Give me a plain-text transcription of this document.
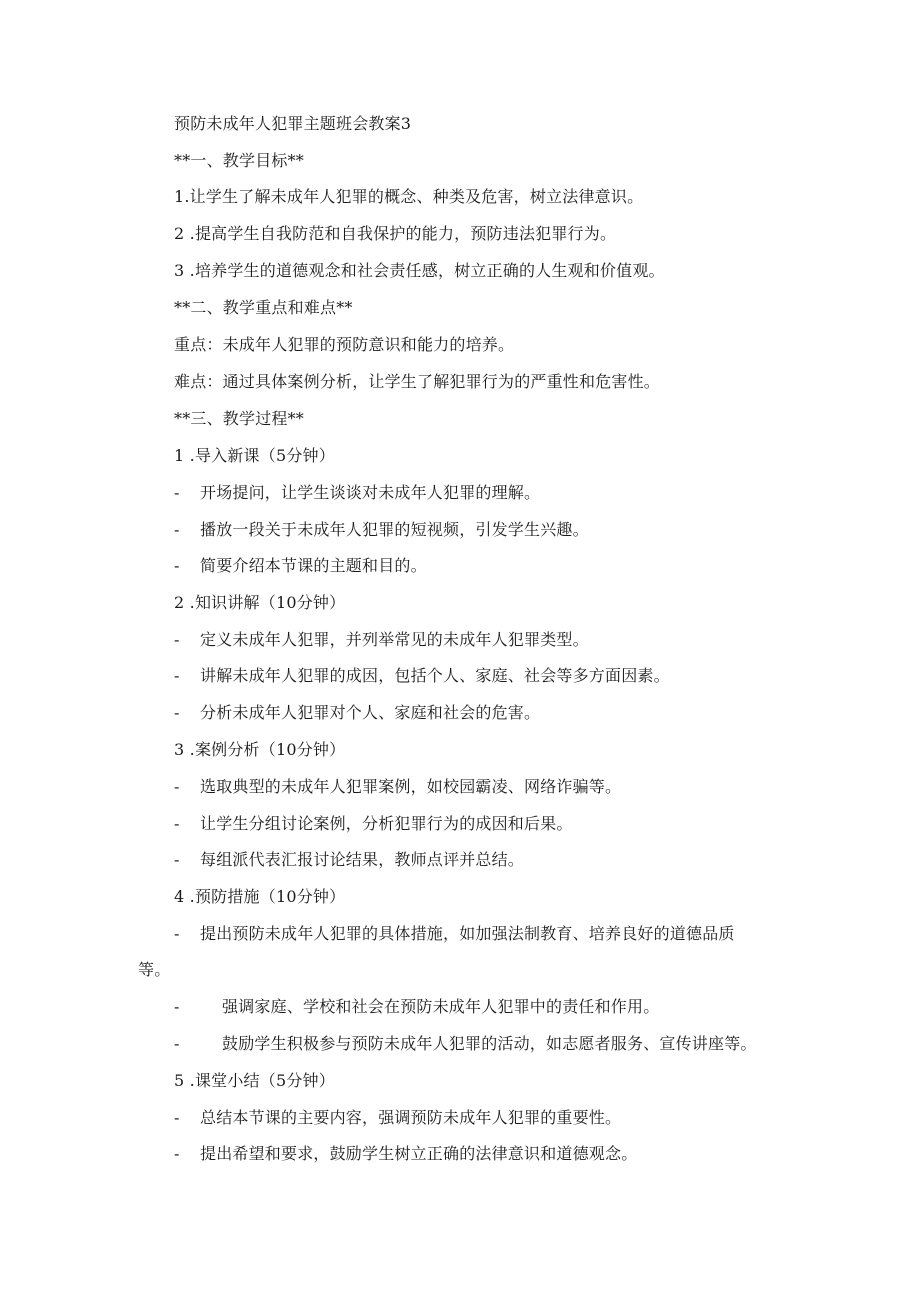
预防未成年人犯罪主题班会教案3
**一、教学目标**
1.让学生了解未成年人犯罪的概念、种类及危害，树立法律意识。
2 .提高学生自我防范和自我保护的能力，预防违法犯罪行为。
3 .培养学生的道德观念和社会责任感，树立正确的人生观和价值观。
**二、教学重点和难点**
重点：未成年人犯罪的预防意识和能力的培养。
难点：通过具体案例分析，让学生了解犯罪行为的严重性和危害性。
**三、教学过程**
1 .导入新课（5分钟）
- 开场提问，让学生谈谈对未成年人犯罪的理解。
- 播放一段关于未成年人犯罪的短视频，引发学生兴趣。
- 简要介绍本节课的主题和目的。
2 .知识讲解（10分钟）
- 定义未成年人犯罪，并列举常见的未成年人犯罪类型。
- 讲解未成年人犯罪的成因，包括个人、家庭、社会等多方面因素。
- 分析未成年人犯罪对个人、家庭和社会的危害。
3 .案例分析（10分钟）
- 选取典型的未成年人犯罪案例，如校园霸凌、网络诈骗等。
- 让学生分组讨论案例，分析犯罪行为的成因和后果。
- 每组派代表汇报讨论结果，教师点评并总结。
4 .预防措施（10分钟）
- 提出预防未成年人犯罪的具体措施，如加强法制教育、培养良好的道德品质
等。
-	强调家庭、学校和社会在预防未成年人犯罪中的责任和作用。
-	鼓励学生积极参与预防未成年人犯罪的活动，如志愿者服务、宣传讲座等。
5 .课堂小结（5分钟）
- 总结本节课的主要内容，强调预防未成年人犯罪的重要性。
- 提出希望和要求，鼓励学生树立正确的法律意识和道德观念。
